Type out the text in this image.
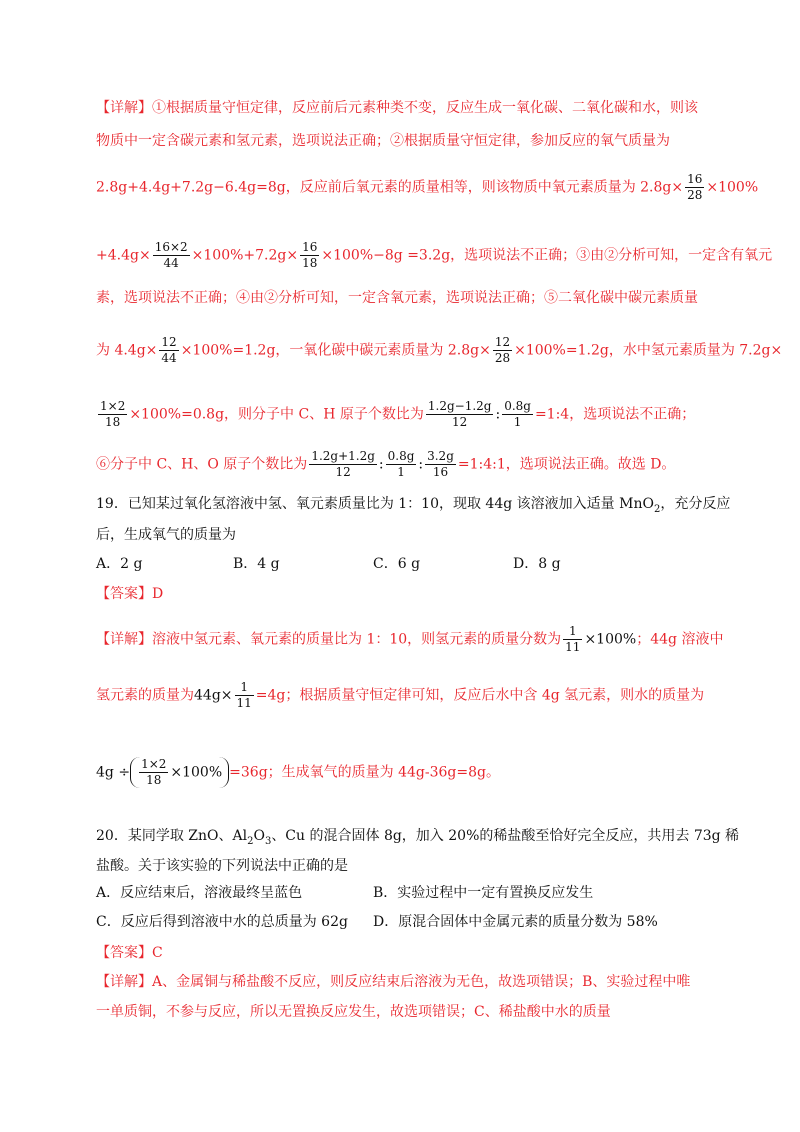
【详解】①根据质量守恒定律，反应前后元素种类不变，反应生成一氧化碳、二氧化碳和水，则该
物质中一定含碳元素和氢元素，选项说法正确；②根据质量守恒定律，参加反应的氧气质量为
2.8g+4.4g+7.2g−6.4g=8g，反应前后氧元素的质量相等，则该物质中氧元素质量为 $2.8g\times \frac{16}{28} \times 100\%$
$+4.4g\times \frac{16\times 2}{44} \times 100\%+7.2g\times \frac{16}{18} \times 100\%-8g =3.2g$，选项说法不正确；③由②分析可知，一定含有氧元
素，选项说法不正确；④由②分析可知，一定含氧元素，选项说法正确；⑤二氧化碳中碳元素质量
为 $4.4g\times \frac{12}{44} \times 100\%=1.2g$，一氧化碳中碳元素质量为 $2.8g\times \frac{12}{28} \times 100\%=1.2g$，水中氢元素质量为 7.2g×
$\frac{1\times 2}{18} \times 100\%=0.8g$，则分子中 C、H 原子个数比为 $\frac{1.2g-1.2g}{12}$ : $\frac{0.8g}{1}$ =1:4，选项说法不正确；
⑥分子中 C、H、O 原子个数比为 $\frac{1.2g+1.2g}{12}$ : $\frac{0.8g}{1}$ : $\frac{3.2g}{16}$ =1:4:1，选项说法正确。故选 D。
19．已知某过氧化氢溶液中氢、氧元素质量比为 1：10，现取 44g 该溶液加入适量 MnO$_2$，充分反应
后，生成氧气的质量为
A．2 g	B．4 g	C．6 g	D．8 g
【答案】D
【详解】溶液中氢元素、氧元素的质量比为 1：10，则氢元素的质量分数为 $\frac{1}{11} \times 100\%$；44g 溶液中
氢元素的质量为$44g\times \frac{1}{11} =4g$；根据质量守恒定律可知，反应后水中含 4g 氢元素，则水的质量为
$4g \div \frac{1\times 2}{18} \times 100\% =36g$；生成氧气的质量为 44g-36g=8g。
20．某同学取 ZnO、$Al_2O_3$、Cu 的混合固体 8g，加入 20%的稀盐酸至恰好完全反应，共用去 73g 稀
盐酸。关于该实验的下列说法中正确的是
A．反应结束后，溶液最终呈蓝色	B．实验过程中一定有置换反应发生
C．反应后得到溶液中水的总质量为 62g D．原混合固体中金属元素的质量分数为 58%
【答案】C
【详解】A、金属铜与稀盐酸不反应，则反应结束后溶液为无色，故选项错误；B、实验过程中唯
一单质铜，不参与反应，所以无置换反应发生，故选项错误；C、稀盐酸中水的质量
